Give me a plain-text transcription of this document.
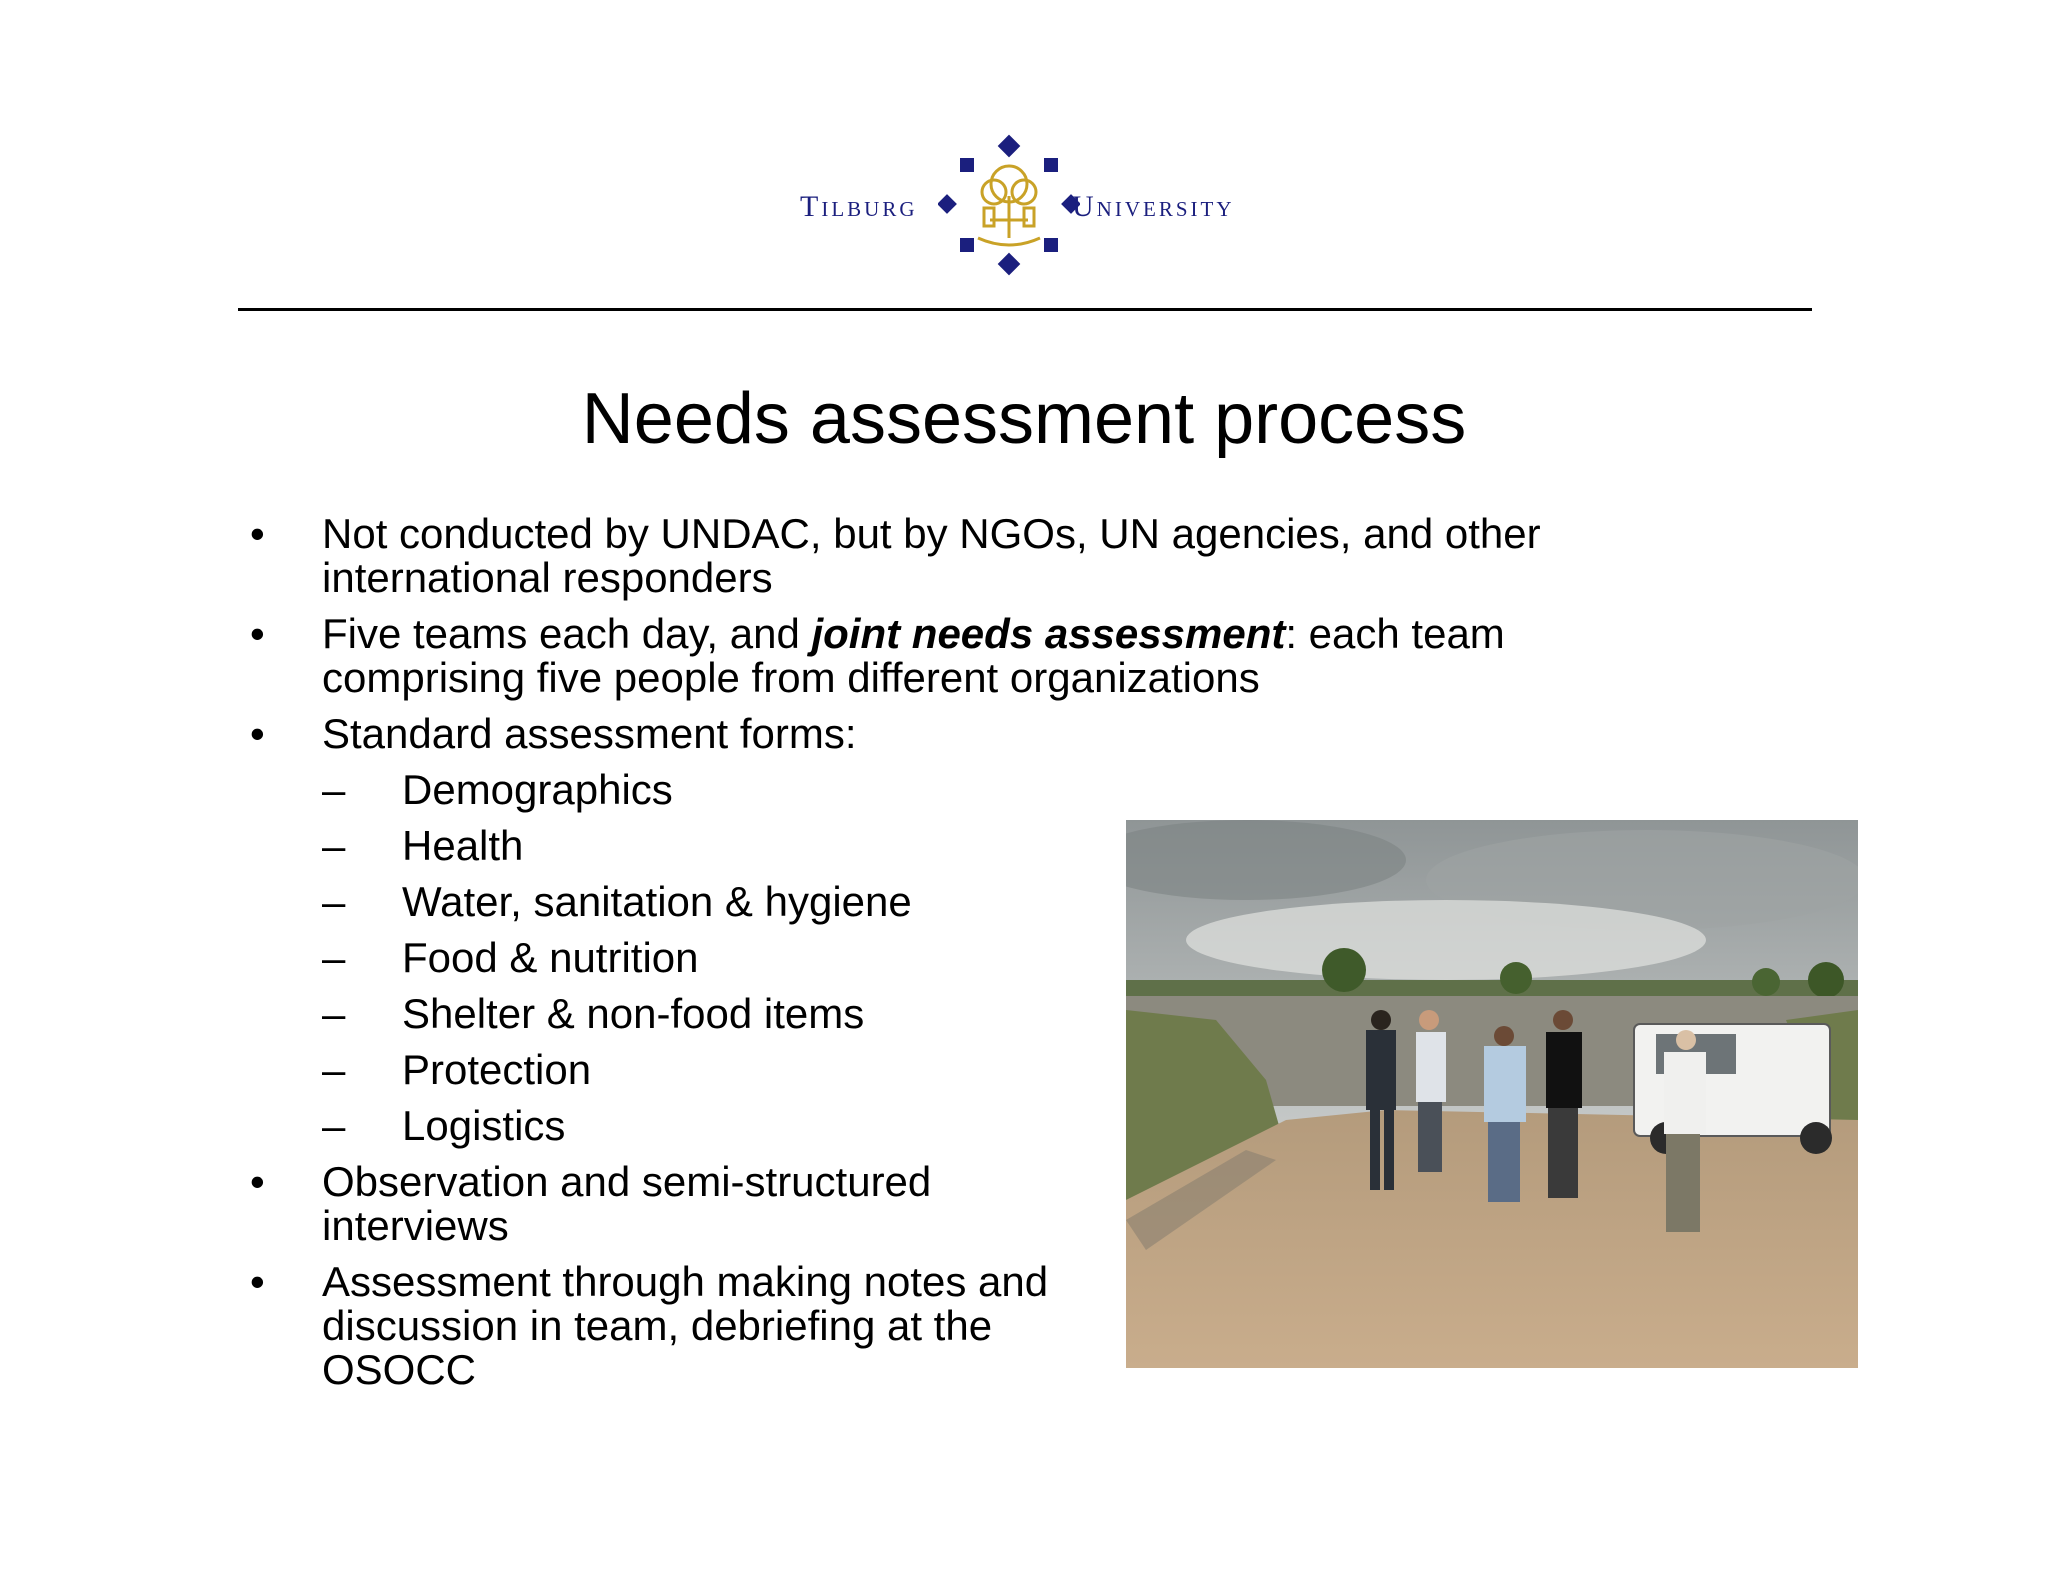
Tilburg	University
Needs assessment process
• Not conducted by UNDAC, but by NGOs, UN agencies, and other international responders
• Five teams each day, and joint needs assessment: each team comprising five people from different organizations
• Standard assessment forms:
– Demographics
– Health
– Water, sanitation & hygiene
– Food & nutrition
– Shelter & non-food items
– Protection
– Logistics
• Observation and semi-structured interviews
• Assessment through making notes and discussion in team, debriefing at the OSOCC
